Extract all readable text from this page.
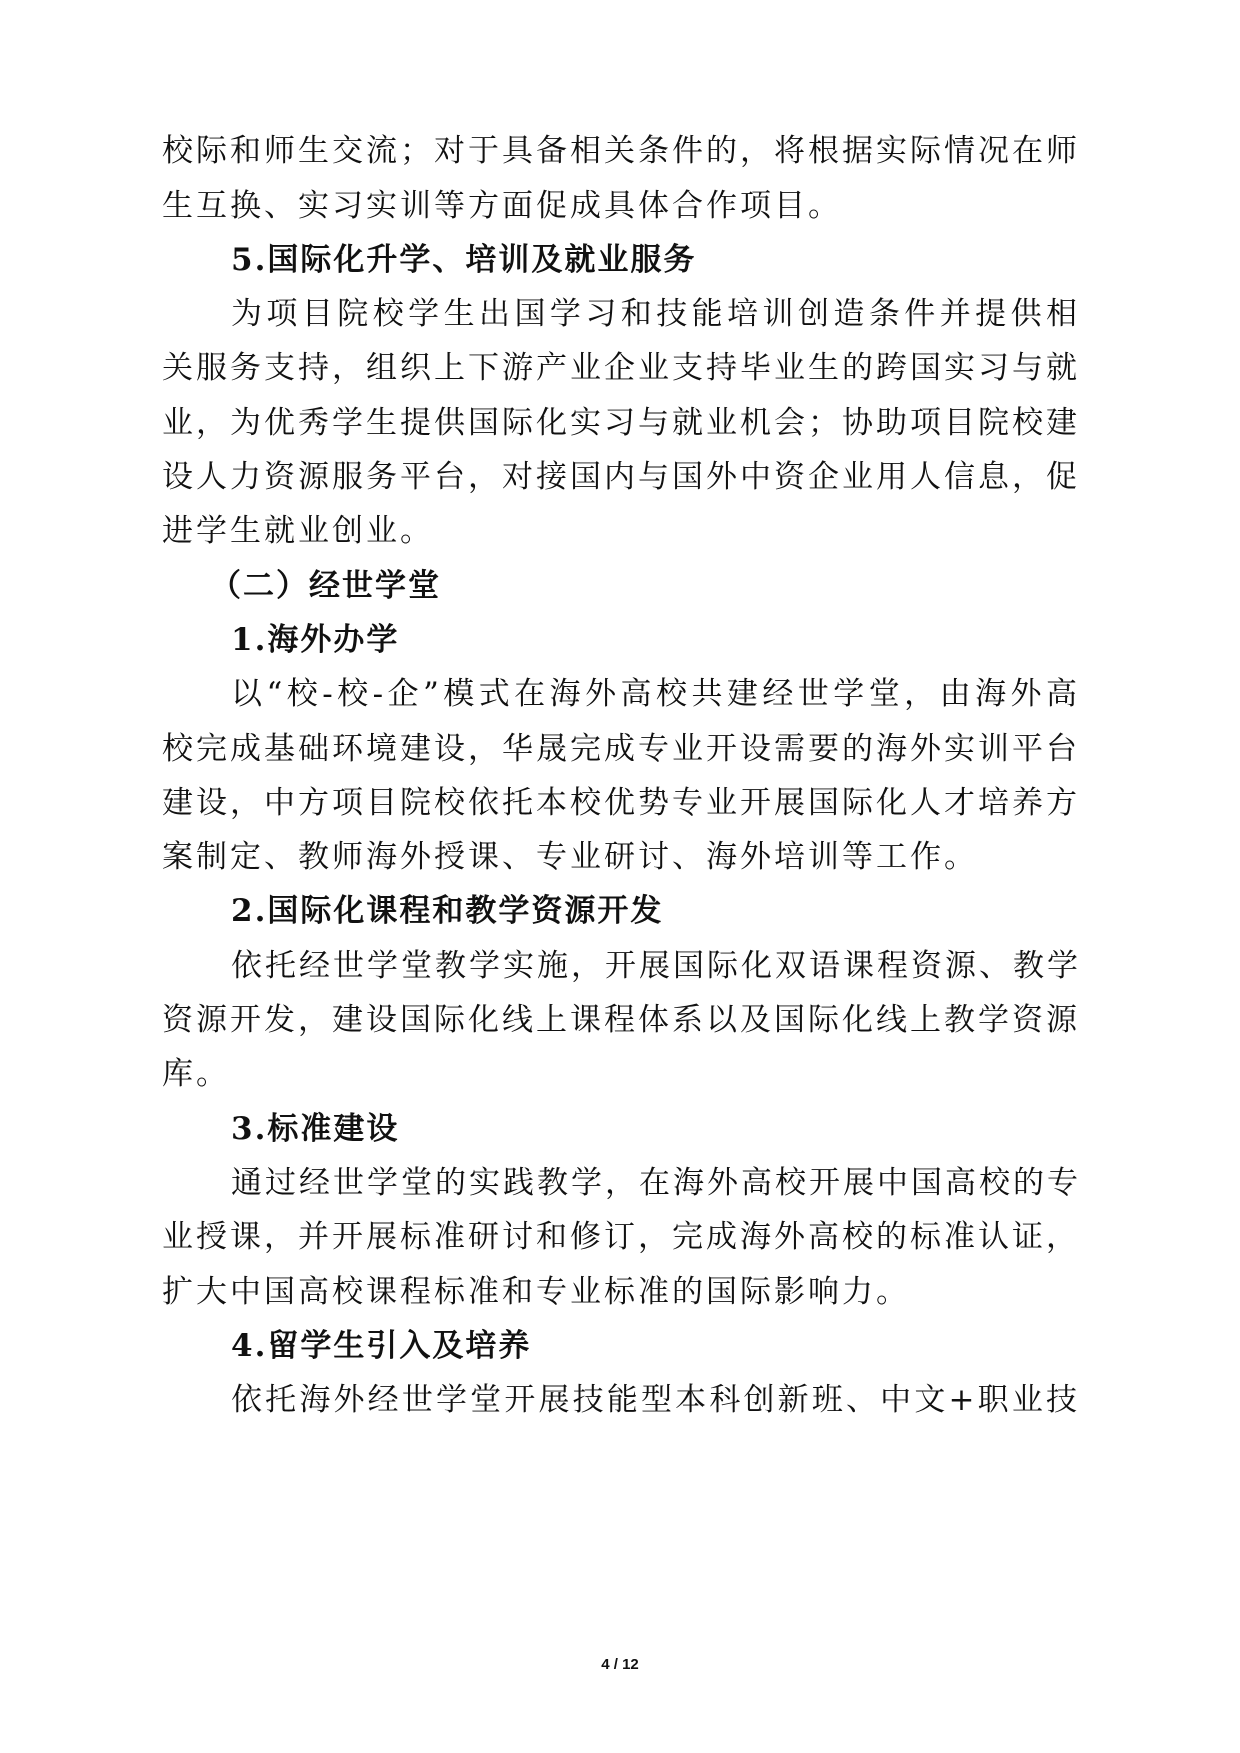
校际和师生交流；对于具备相关条件的，将根据实际情况在师
生互换、实习实训等方面促成具体合作项目。
5.国际化升学、培训及就业服务
为项目院校学生出国学习和技能培训创造条件并提供相
关服务支持，组织上下游产业企业支持毕业生的跨国实习与就
业，为优秀学生提供国际化实习与就业机会；协助项目院校建
设人力资源服务平台，对接国内与国外中资企业用人信息，促
进学生就业创业。
（二）经世学堂
1.海外办学
以“校-校-企”模式在海外高校共建经世学堂，由海外高
校完成基础环境建设，华晟完成专业开设需要的海外实训平台
建设，中方项目院校依托本校优势专业开展国际化人才培养方
案制定、教师海外授课、专业研讨、海外培训等工作。
2.国际化课程和教学资源开发
依托经世学堂教学实施，开展国际化双语课程资源、教学
资源开发，建设国际化线上课程体系以及国际化线上教学资源
库。
3.标准建设
通过经世学堂的实践教学，在海外高校开展中国高校的专
业授课，并开展标准研讨和修订，完成海外高校的标准认证，
扩大中国高校课程标准和专业标准的国际影响力。
4.留学生引入及培养
依托海外经世学堂开展技能型本科创新班、中文+职业技
4 / 12
